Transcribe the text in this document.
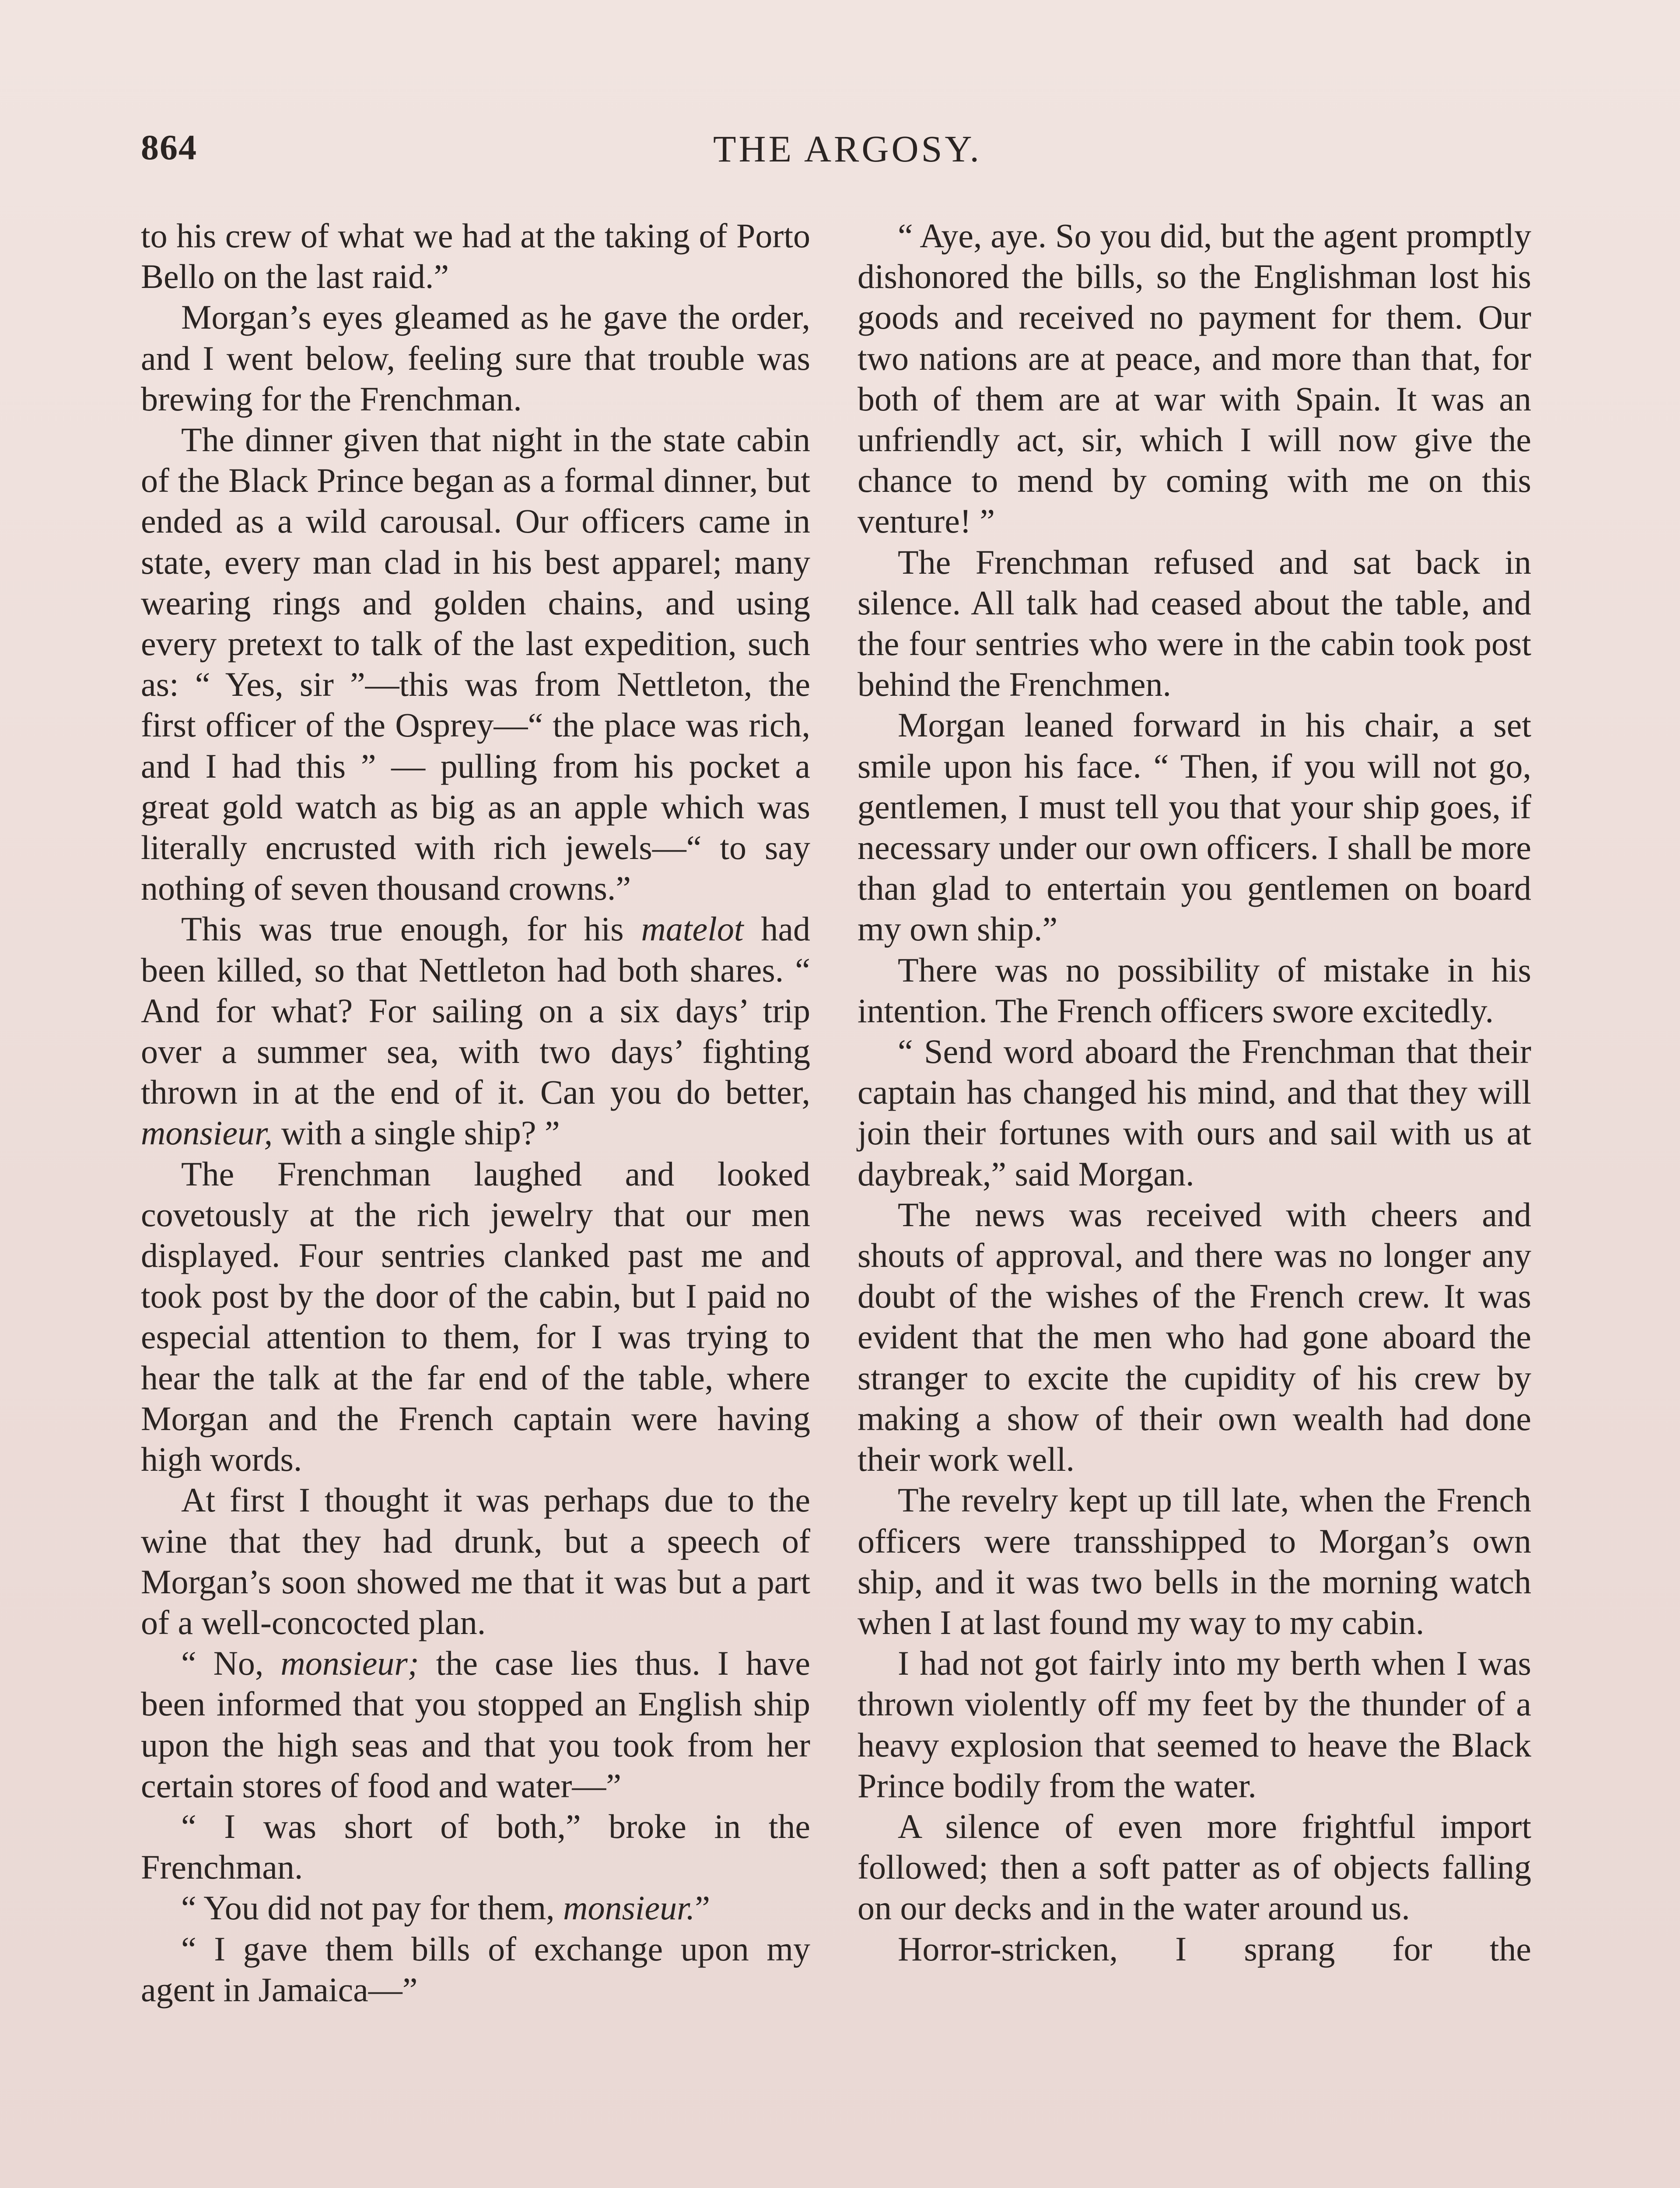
864	THE ARGOSY.

to his crew of what we had at the taking of Porto Bello on the last raid.”

Morgan’s eyes gleamed as he gave the order, and I went below, feeling sure that trouble was brewing for the Frenchman.

The dinner given that night in the state cabin of the Black Prince began as a formal dinner, but ended as a wild carousal. Our officers came in state, every man clad in his best apparel; many wearing rings and golden chains, and using every pretext to talk of the last expedition, such as: “ Yes, sir ”—this was from Nettleton, the first officer of the Osprey—“ the place was rich, and I had this ” — pulling from his pocket a great gold watch as big as an apple which was literally encrusted with rich jewels—“ to say nothing of seven thousand crowns.”

This was true enough, for his matelot had been killed, so that Nettleton had both shares. “ And for what? For sailing on a six days’ trip over a summer sea, with two days’ fighting thrown in at the end of it. Can you do better, monsieur, with a single ship? ”

The Frenchman laughed and looked covetously at the rich jewelry that our men displayed. Four sentries clanked past me and took post by the door of the cabin, but I paid no especial attention to them, for I was trying to hear the talk at the far end of the table, where Morgan and the French captain were having high words.

At first I thought it was perhaps due to the wine that they had drunk, but a speech of Morgan’s soon showed me that it was but a part of a well-concocted plan.

“ No, monsieur; the case lies thus. I have been informed that you stopped an English ship upon the high seas and that you took from her certain stores of food and water—”

“ I was short of both,” broke in the Frenchman.

“ You did not pay for them, monsieur.”

“ I gave them bills of exchange upon my agent in Jamaica—”

“ Aye, aye. So you did, but the agent promptly dishonored the bills, so the Englishman lost his goods and received no payment for them. Our two nations are at peace, and more than that, for both of them are at war with Spain. It was an unfriendly act, sir, which I will now give the chance to mend by coming with me on this venture! ”

The Frenchman refused and sat back in silence. All talk had ceased about the table, and the four sentries who were in the cabin took post behind the Frenchmen.

Morgan leaned forward in his chair, a set smile upon his face. “ Then, if you will not go, gentlemen, I must tell you that your ship goes, if necessary under our own officers. I shall be more than glad to entertain you gentlemen on board my own ship.”

There was no possibility of mistake in his intention. The French officers swore excitedly.

“ Send word aboard the Frenchman that their captain has changed his mind, and that they will join their fortunes with ours and sail with us at daybreak,” said Morgan.

The news was received with cheers and shouts of approval, and there was no longer any doubt of the wishes of the French crew. It was evident that the men who had gone aboard the stranger to excite the cupidity of his crew by making a show of their own wealth had done their work well.

The revelry kept up till late, when the French officers were transshipped to Morgan’s own ship, and it was two bells in the morning watch when I at last found my way to my cabin.

I had not got fairly into my berth when I was thrown violently off my feet by the thunder of a heavy explosion that seemed to heave the Black Prince bodily from the water.

A silence of even more frightful import followed; then a soft patter as of objects falling on our decks and in the water around us.

Horror-stricken, I sprang for the
